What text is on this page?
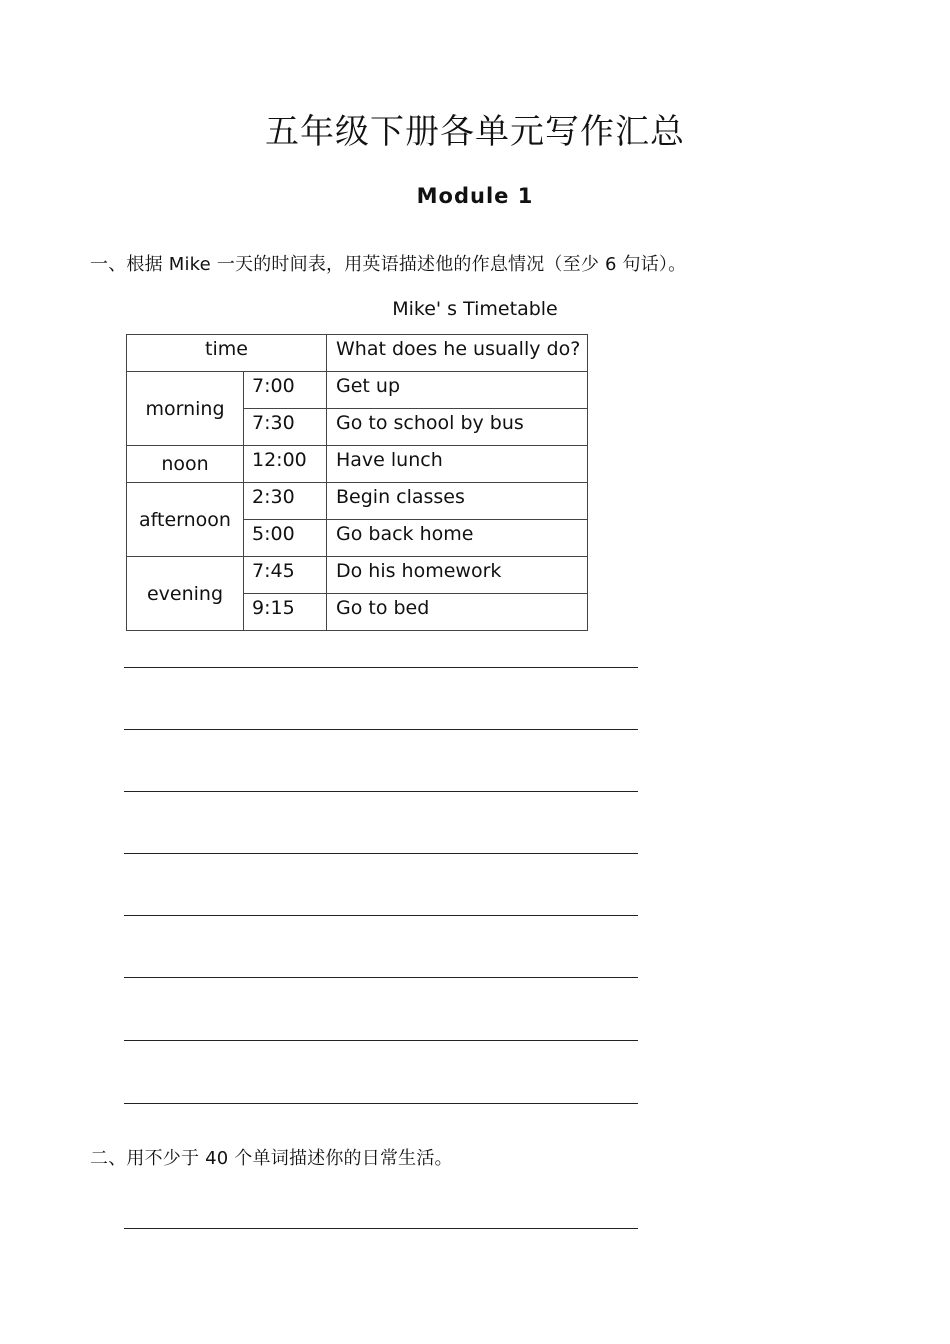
五年级下册各单元写作汇总
Module 1
一、根据 Mike 一天的时间表，用英语描述他的作息情况（至少 6 句话）。
Mike' s Timetable
time		What does he usually do?
morning	7:00	Get up
	7:30	Go to school by bus
noon	12:00	Have lunch
afternoon	2:30	Begin classes
	5:00	Go back home
evening	7:45	Do his homework
	9:15	Go to bed
二、用不少于 40 个单词描述你的日常生活。
